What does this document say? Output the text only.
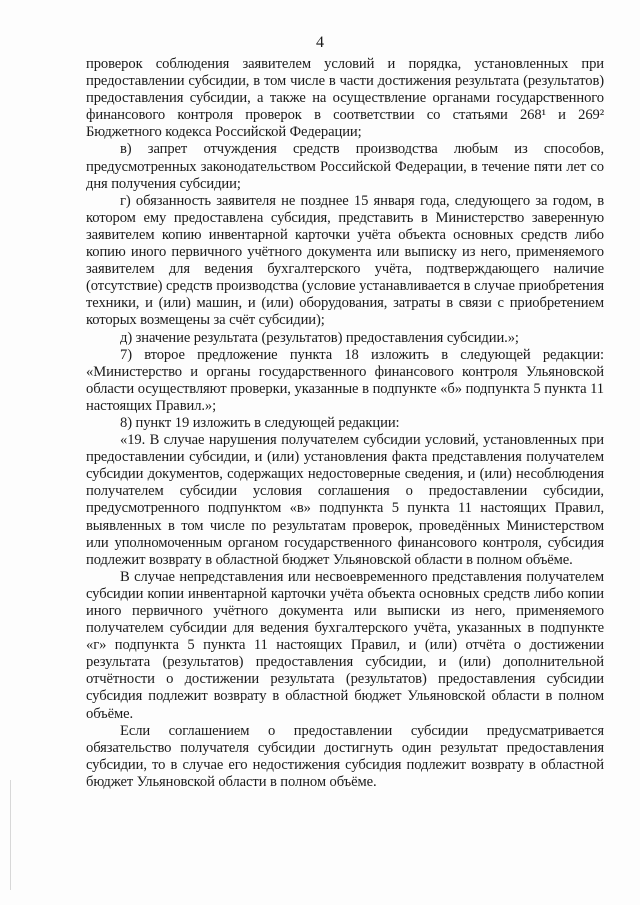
4

проверок соблюдения заявителем условий и порядка, установленных при предоставлении субсидии, в том числе в части достижения результата (результатов) предоставления субсидии, а также на осуществление органами государственного финансового контроля проверок в соответствии со статьями 268¹ и 269² Бюджетного кодекса Российской Федерации;

в) запрет отчуждения средств производства любым из способов, предусмотренных законодательством Российской Федерации, в течение пяти лет со дня получения субсидии;

г) обязанность заявителя не позднее 15 января года, следующего за годом, в котором ему предоставлена субсидия, представить в Министерство заверенную заявителем копию инвентарной карточки учёта объекта основных средств либо копию иного первичного учётного документа или выписку из него, применяемого заявителем для ведения бухгалтерского учёта, подтверждающего наличие (отсутствие) средств производства (условие устанавливается в случае приобретения техники, и (или) машин, и (или) оборудования, затраты в связи с приобретением которых возмещены за счёт субсидии);

д) значение результата (результатов) предоставления субсидии.»;

7) второе предложение пункта 18 изложить в следующей редакции: «Министерство и органы государственного финансового контроля Ульяновской области осуществляют проверки, указанные в подпункте «б» подпункта 5 пункта 11 настоящих Правил.»;

8) пункт 19 изложить в следующей редакции:

«19. В случае нарушения получателем субсидии условий, установленных при предоставлении субсидии, и (или) установления факта представления получателем субсидии документов, содержащих недостоверные сведения, и (или) несоблюдения получателем субсидии условия соглашения о предоставлении субсидии, предусмотренного подпунктом «в» подпункта 5 пункта 11 настоящих Правил, выявленных в том числе по результатам проверок, проведённых Министерством или уполномоченным органом государственного финансового контроля, субсидия подлежит возврату в областной бюджет Ульяновской области в полном объёме.

В случае непредставления или несвоевременного представления получателем субсидии копии инвентарной карточки учёта объекта основных средств либо копии иного первичного учётного документа или выписки из него, применяемого получателем субсидии для ведения бухгалтерского учёта, указанных в подпункте «г» подпункта 5 пункта 11 настоящих Правил, и (или) отчёта о достижении результата (результатов) предоставления субсидии, и (или) дополнительной отчётности о достижении результата (результатов) предоставления субсидии субсидия подлежит возврату в областной бюджет Ульяновской области в полном объёме.

Если соглашением о предоставлении субсидии предусматривается обязательство получателя субсидии достигнуть один результат предоставления субсидии, то в случае его недостижения субсидия подлежит возврату в областной бюджет Ульяновской области в полном объёме.
